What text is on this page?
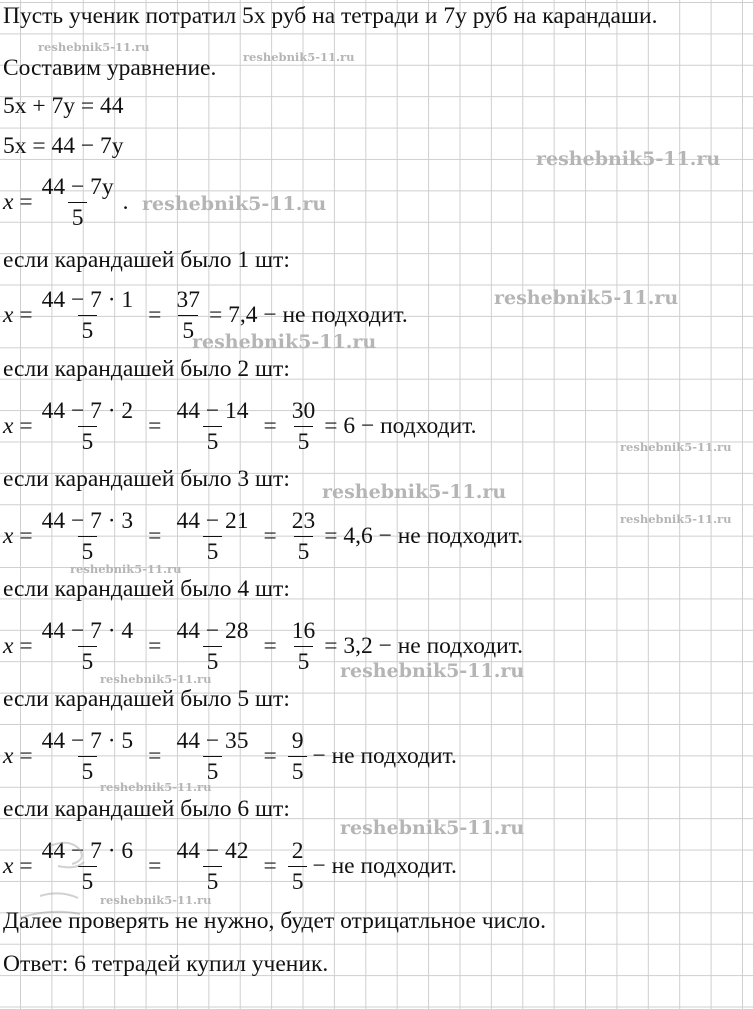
Пусть ученик потратил 5x руб на тетради и 7y руб на карандаши.
Составим уравнение.
5x + 7y = 44
5x = 44 − 7y
$x = \frac{44 - 7y}{5}$ .
если карандашей было 1 шт:
$x = \frac{44 - 7 \cdot 1}{5} = \frac{37}{5} = 7,4$ − не подходит.
если карандашей было 2 шт:
$x = \frac{44 - 7 \cdot 2}{5} = \frac{44 - 14}{5} = \frac{30}{5} = 6$ − подходит.
если карандашей было 3 шт:
$x = \frac{44 - 7 \cdot 3}{5} = \frac{44 - 21}{5} = \frac{23}{5} = 4,6$ − не подходит.
если карандашей было 4 шт:
$x = \frac{44 - 7 \cdot 4}{5} = \frac{44 - 28}{5} = \frac{16}{5} = 3,2$ − не подходит.
если карандашей было 5 шт:
$x = \frac{44 - 7 \cdot 5}{5} = \frac{44 - 35}{5} = \frac{9}{5}$ − не подходит.
если карандашей было 6 шт:
$x = \frac{44 - 7 \cdot 6}{5} = \frac{44 - 42}{5} = \frac{2}{5}$ − не подходит.
Далее проверять не нужно, будет отрицатльное число.
Ответ: 6 тетрадей купил ученик.
reshebnik5-11.ru
reshebnik5-11.ru
reshebnik5-11.ru
reshebnik5-11.ru
reshebnik5-11.ru
reshebnik5-11.ru
reshebnik5-11.ru
reshebnik5-11.ru
reshebnik5-11.ru
reshebnik5-11.ru
reshebnik5-11.ru
reshebnik5-11.ru
reshebnik5-11.ru
reshebnik5-11.ru
reshebnik5-11.ru
